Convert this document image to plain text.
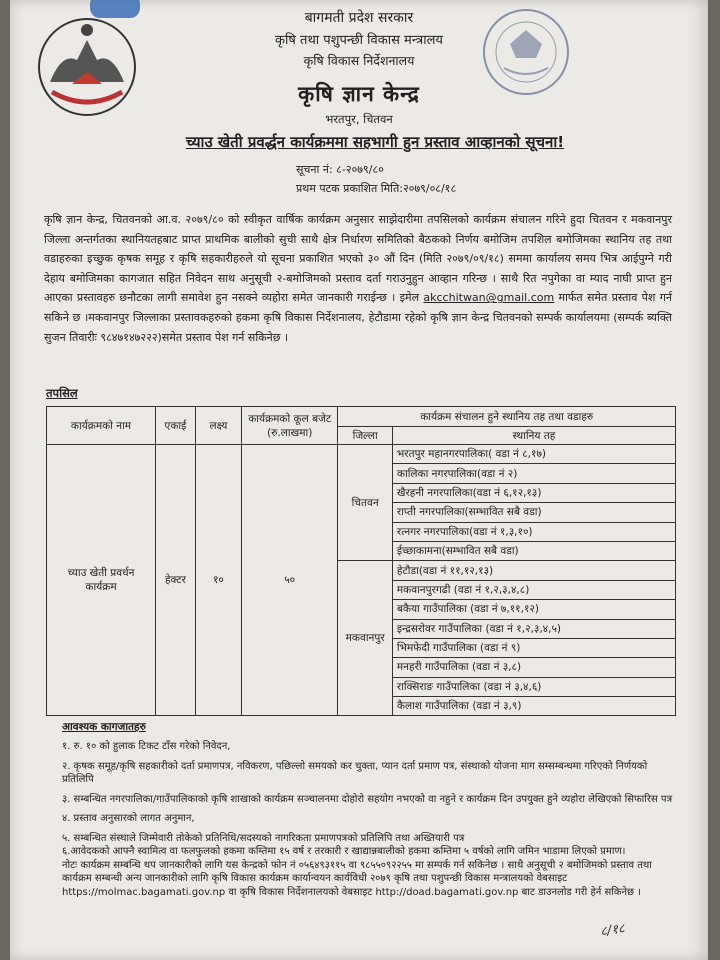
बागमती प्रदेश सरकार
कृषि तथा पशुपन्छी विकास मन्त्रालय
कृषि विकास निर्देशनालय
कृषि ज्ञान केन्द्र
भरतपुर, चितवन
च्याउ खेती प्रवर्द्धन कार्यक्रममा सहभागी हुन प्रस्ताव आव्हानको सूचना!
सूचना नं: ८-२०७९/८०
प्रथम पटक प्रकाशित मिति:२०७९/०८/१८
कृषि ज्ञान केन्द्र, चितवनको आ.व. २०७९/८० को स्वीकृत वार्षिक कार्यक्रम अनुसार साझेदारीमा तपसिलको कार्यक्रम संचालन गरिने हुदा चितवन र मकवानपुर जिल्ला अन्तर्गतका स्थानियतहबाट प्राप्त प्राथमिक बालीको सुची साथै क्षेत्र निर्धारण समितिको बैठकको निर्णय बमोजिम तपशिल बमोजिमका स्थानिय तह तथा वडाहरुका इच्छुक कृषक समूह र कृषि सहकारीहरुले यो सूचना प्रकाशित भएको ३० औं दिन (मिति २०७९/०९/१८) सममा कार्यालय समय भित्र आईपुग्ने गरी देहाय बमोजिमका कागजात सहित निवेदन साथ अनुसूची २-बमोजिमको प्रस्ताव दर्ता गराउनुहुन आव्हान गरिन्छ । साथै रित नपुगेका वा म्याद नाघी प्राप्त हुन आएका प्रस्तावहरु छनौटका लागी समावेश हुन नसक्ने व्यहोरा समेत जानकारी गराईन्छ । इमेल akcchitwan@gmail.com मार्फत समेत प्रस्ताव पेश गर्न सकिने छ ।मकवानपुर जिल्लाका प्रस्तावकहरुको हकमा कृषि विकास निर्देशनालय, हेटौडामा रहेको कृषि ज्ञान केन्द्र चितवनको सम्पर्क कार्यालयमा (सम्पर्क ब्यक्ति सुजन तिवारीः ९८४७१४७२२२)समेत प्रस्ताव पेश गर्न सकिनेछ ।
तपसिल
कार्यक्रमको नाम	एकाई	लक्ष्य	कार्यक्रमको कूल बजेट (रु.लाखमा)	कार्यक्रम संचालन हुने स्थानिय तह तथा वडाहरु	
				जिल्ला	स्थानिय तह
च्याउ खेती प्रवर्धन कार्यक्रम	हेक्टर	१०	५०	चितवन	भरतपुर महानगरपालिका( वडा नं ८,१७)
					कालिका नगरपालिका(वडा नं २)
					खैरहनी नगरपालिका(वडा नं ६,१२,१३)
					राप्ती नगरपालिका(सम्भावित सबै वडा)
					रत्नगर नगरपालिका(वडा नं १,३,१०)
					ईच्छाकामना(सम्भावित सबै वडा)
				मकवानपुर	हेटौडा(वडा नं ११,१२,१३)
					मकवानपुरगढी (वडा नं १,२,३,४,८)
					बकैया गाउँपालिका (वडा नं ७,११,१२)
					इन्द्रसरोवर गाउँपालिका (वडा नं १,२,३,४,५)
					भिमफेदी गाउँपालिका (वडा नं ९)
					मनहरी गाउँपालिका (वडा नं ३,८)
					राक्सिराङ गाउँपालिका (वडा नं ३,४,६)
					कैलाश गाउँपालिका (वडा नं ३,९)
आवश्यक कागजातहरु
१. रु. १० को हुलाक टिकट टाँस गरेको निवेदन,
२. कृषक समूह/कृषि सहकारीको दर्ता प्रमाणपत्र, नविकरण, पछिल्लो समयको कर चुक्ता, प्यान दर्ता प्रमाण पत्र, संस्थाको योजना माग सम्सम्बन्धमा गरिएको निर्णयको प्रतिलिपि
३. सम्बन्धित नगरपालिका/गाउँपालिकाको कृषि शाखाको कार्यक्रम सञ्चालनमा दोहोरो सहयोग नभएको वा नहुने र कार्यक्रम दिन उपयुक्त हुने व्यहोरा लेखिएको सिफारिस पत्र
४. प्रस्ताव अनुसारको लागत अनुमान,
५. सम्बन्धित संस्थाले जिम्मेवारी तोकेको प्रतिनिधि/सदस्यको नागरिकता प्रमाणपत्रको प्रतिलिपि तथा अख्तियारी पत्र
६.आवेदकको आफ्नै स्वामित्व वा फलफुलको हकमा कम्तिमा १५ वर्ष र तरकारी र खाद्यान्नबालीको हकमा कम्तिमा ५ वर्षको लागि जमिन भाडामा लिएको प्रमाण।
नोटः कार्यक्रम सम्बन्धि थप जानकारीको लागि यस केन्द्रको फोन नं ०५६४९३११५ वा ९८५५०९२२५५ मा सम्पर्क गर्न सकिनेछ । साथै अनुसूची २ बमोजिमको प्रस्ताव तथा कार्यक्रम सम्बन्धी अन्य जानकारीको लागि कृषि विकास कार्यक्रम कार्यान्वयन कार्यविधी २०७९ कृषि तथा पशुपन्छी विकास मन्त्रालयको वेबसाइट https://molmac.bagamati.gov.np वा कृषि विकास निर्देशनालयको वेबसाइट http://doad.bagamati.gov.np बाट डाउनलोड गरी हेर्न सकिनेछ ।
८/१८
